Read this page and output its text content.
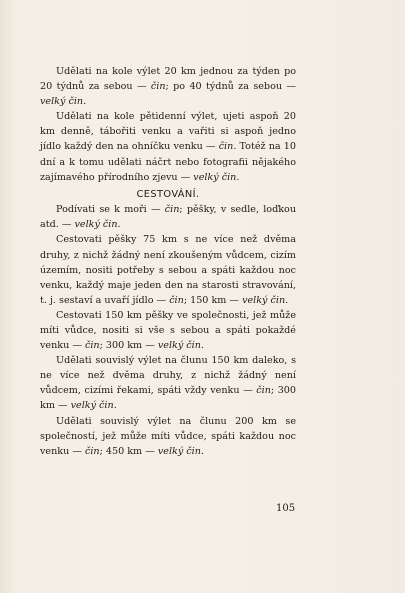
Udělati na kole výlet 20 km jednou za týden po 20 týdnů za sebou — čin; po 40 týdnů za sebou — velký čin.

Udělati na kole pětidenní výlet, ujeti aspoň 20 km denně, tábořiti venku a vařiti si aspoň jedno jídlo každý den na ohníčku venku — čin. Totéž na 10 dní a k tomu udělati náčrt nebo fotografii nějakého zajímavého přírodního zjevu — velký čin.

CESTOVÁNÍ.

Podívati se k moři — čin; pěšky, v sedle, loďkou atd. — velký čin.

Cestovati pěšky 75 km s ne více než dvěma druhy, z nichž žádný není zkoušeným vůdcem, cizím územím, nositi potřeby s sebou a spáti každou noc venku, každý maje jeden den na starosti stravování, t. j. sestaví a uvaří jídlo — čin; 150 km — velký čin.

Cestovati 150 km pěšky ve společnosti, jež může míti vůdce, nositi si vše s sebou a spáti pokaždé venku — čin; 300 km — velký čin.

Udělati souvislý výlet na člunu 150 km daleko, s ne více než dvěma druhy, z nichž žádný není vůdcem, cizími řekami, spáti vždy venku — čin; 300 km — velký čin.

Udělati souvislý výlet na člunu 200 km se společností, jež může míti vůdce, spáti každou noc venku — čin; 450 km — velký čin.

105
